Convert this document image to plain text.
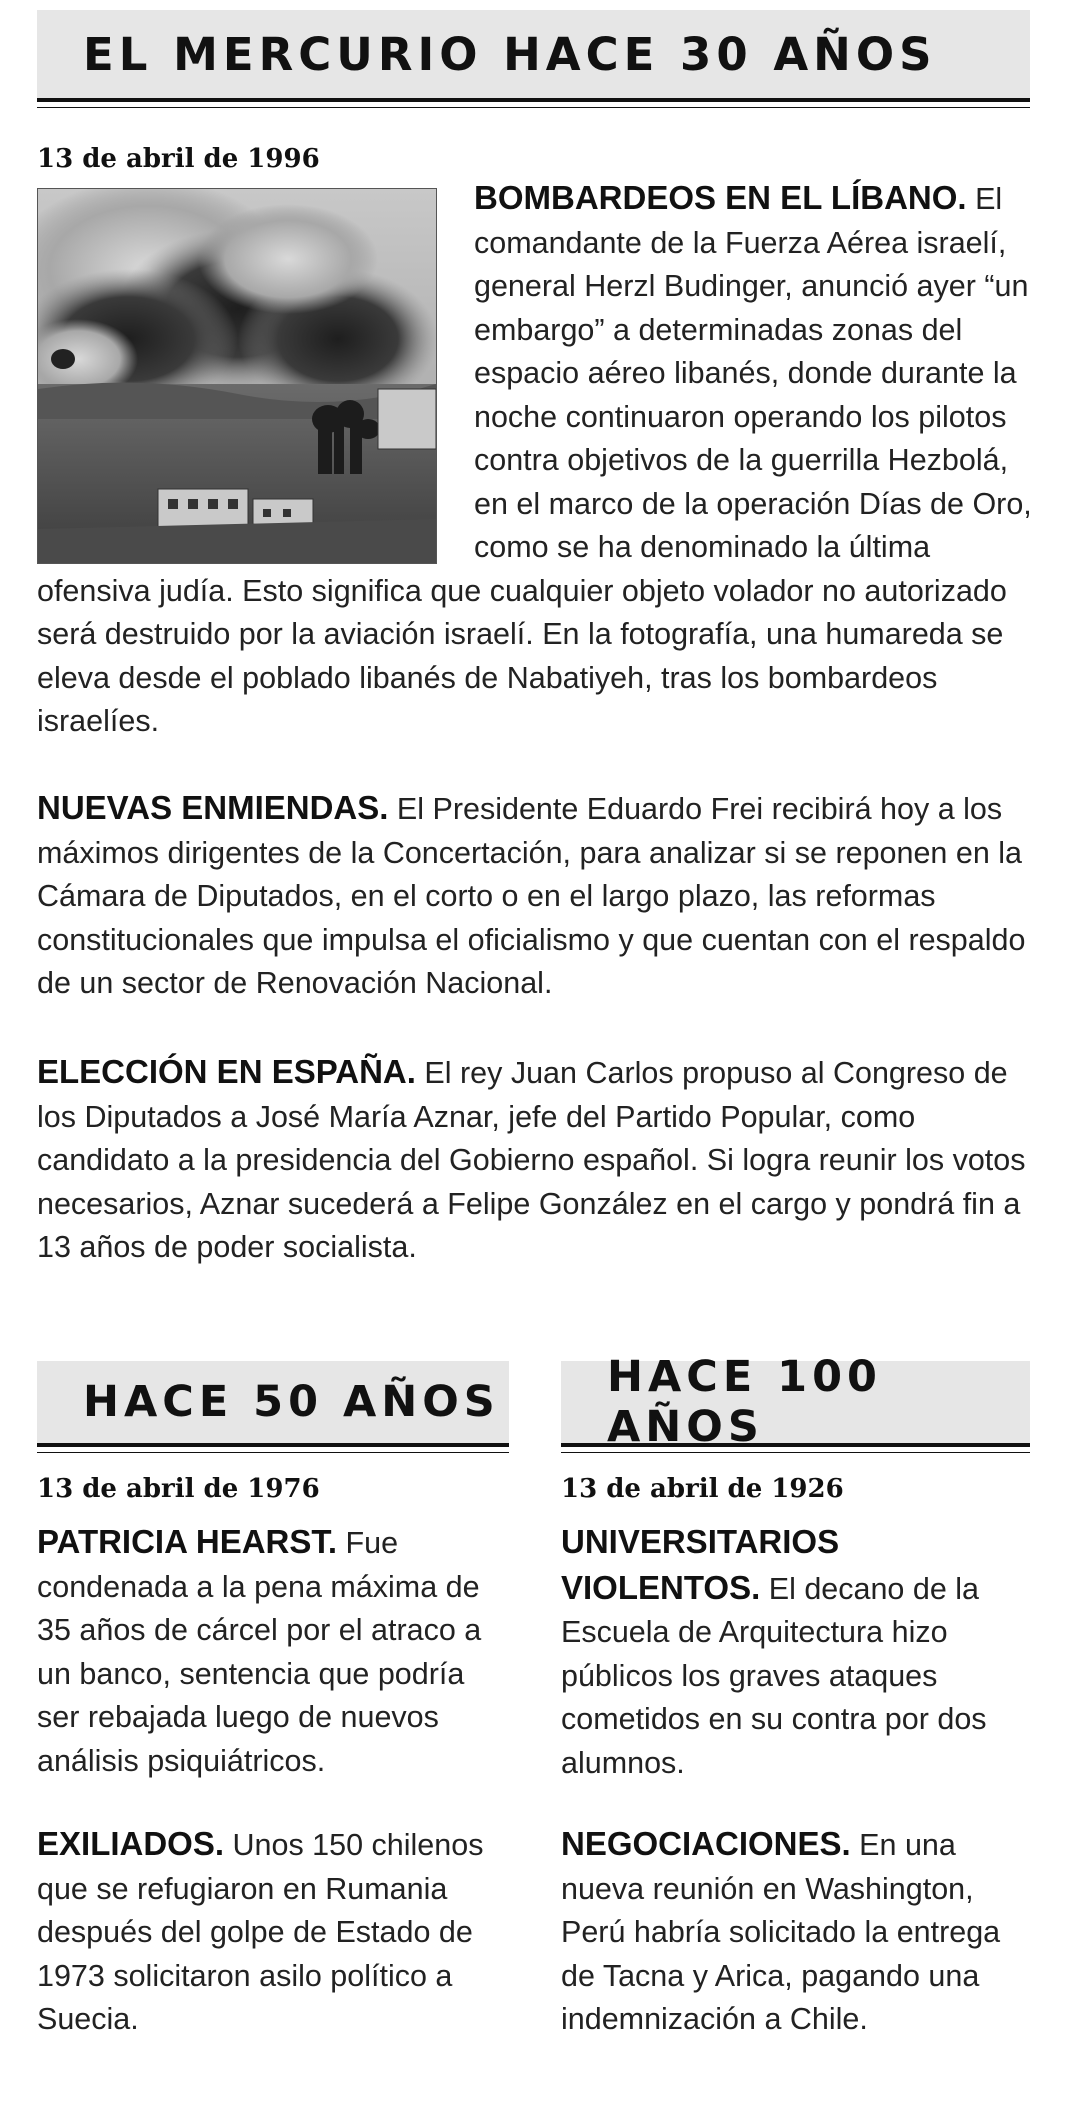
EL MERCURIO HACE 30 AÑOS
13 de abril de 1996
BOMBARDEOS EN EL LÍBANO. El comandante de la Fuerza Aérea israelí, general Herzl Budinger, anunció ayer “un embargo” a determinadas zonas del espacio aéreo libanés, donde durante la noche continuaron operando los pilotos contra objetivos de la guerrilla Hezbolá, en el marco de la operación Días de Oro, como se ha denominado la última ofensiva judía. Esto significa que cualquier objeto volador no autorizado será destruido por la aviación israelí. En la fotografía, una humareda se eleva desde el poblado libanés de Nabatiyeh, tras los bombardeos israelíes.
NUEVAS ENMIENDAS. El Presidente Eduardo Frei recibirá hoy a los máximos dirigentes de la Concertación, para analizar si se reponen en la Cámara de Diputados, en el corto o en el largo plazo, las reformas constitucionales que impulsa el oficialismo y que cuentan con el respaldo de un sector de Renovación Nacional.
ELECCIÓN EN ESPAÑA. El rey Juan Carlos propuso al Congreso de los Diputados a José María Aznar, jefe del Partido Popular, como candidato a la presidencia del Gobierno español. Si logra reunir los votos necesarios, Aznar sucederá a Felipe González en el cargo y pondrá fin a 13 años de poder socialista.
HACE 50 AÑOS
13 de abril de 1976
PATRICIA HEARST. Fue condenada a la pena máxima de 35 años de cárcel por el atraco a un banco, sentencia que podría ser rebajada luego de nuevos análisis psiquiátricos.
EXILIADOS. Unos 150 chilenos que se refugiaron en Rumania después del golpe de Estado de 1973 solicitaron asilo político a Suecia.
HACE 100 AÑOS
13 de abril de 1926
UNIVERSITARIOS VIOLENTOS. El decano de la Escuela de Arquitectura hizo públicos los graves ataques cometidos en su contra por dos alumnos.
NEGOCIACIONES. En una nueva reunión en Washington, Perú habría solicitado la entrega de Tacna y Arica, pagando una indemnización a Chile.
